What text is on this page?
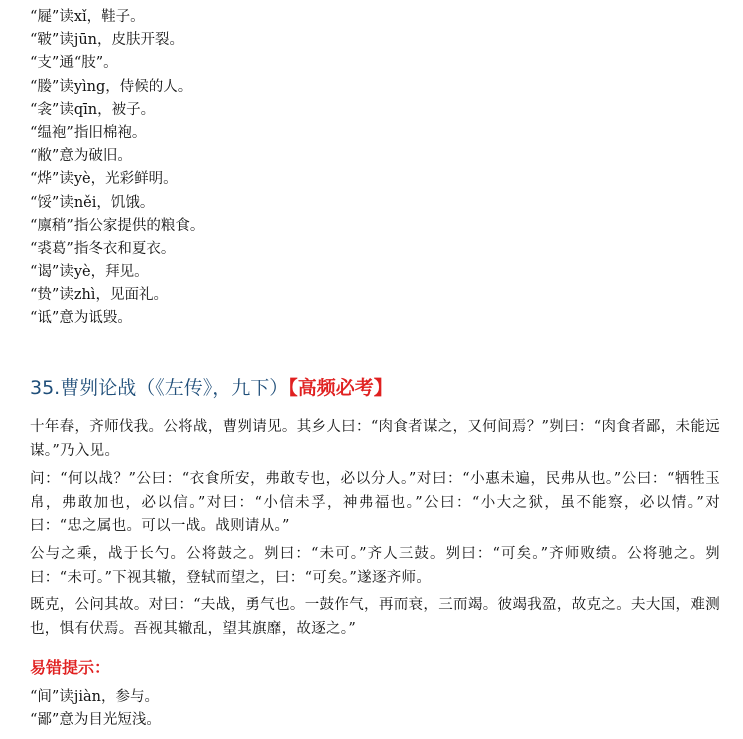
“屣”读xǐ，鞋子。
“皲”读jūn，皮肤开裂。
“支”通“肢”。
“媵”读yìng，侍候的人。
“衾”读qīn，被子。
“缊袍”指旧棉袍。
“敝”意为破旧。
“烨”读yè，光彩鲜明。
“馁”读něi，饥饿。
“廪稍”指公家提供的粮食。
“裘葛”指冬衣和夏衣。
“谒”读yè，拜见。
“贽”读zhì，见面礼。
“诋”意为诋毁。
35.曹刿论战（《左传》，九下）【高频必考】

十年春，齐师伐我。公将战，曹刿请见。其乡人曰：“肉食者谋之，又何间焉？”刿曰：“肉食者鄙，未能远谋。”乃入见。

问：“何以战？”公曰：“衣食所安，弗敢专也，必以分人。”对曰：“小惠未遍，民弗从也。”公曰：“牺牲玉帛，弗敢加也，必以信。”对曰：“小信未孚，神弗福也。”公曰：“小大之狱，虽不能察，必以情。”对曰：“忠之属也。可以一战。战则请从。”

公与之乘，战于长勺。公将鼓之。刿曰：“未可。”齐人三鼓。刿曰：“可矣。”齐师败绩。公将驰之。刿曰：“未可。”下视其辙，登轼而望之，曰：“可矣。”遂逐齐师。

既克，公问其故。对曰：“夫战，勇气也。一鼓作气，再而衰，三而竭。彼竭我盈，故克之。夫大国，难测也，惧有伏焉。吾视其辙乱，望其旗靡，故逐之。”

易错提示：
“间”读jiàn，参与。
“鄙”意为目光短浅。
